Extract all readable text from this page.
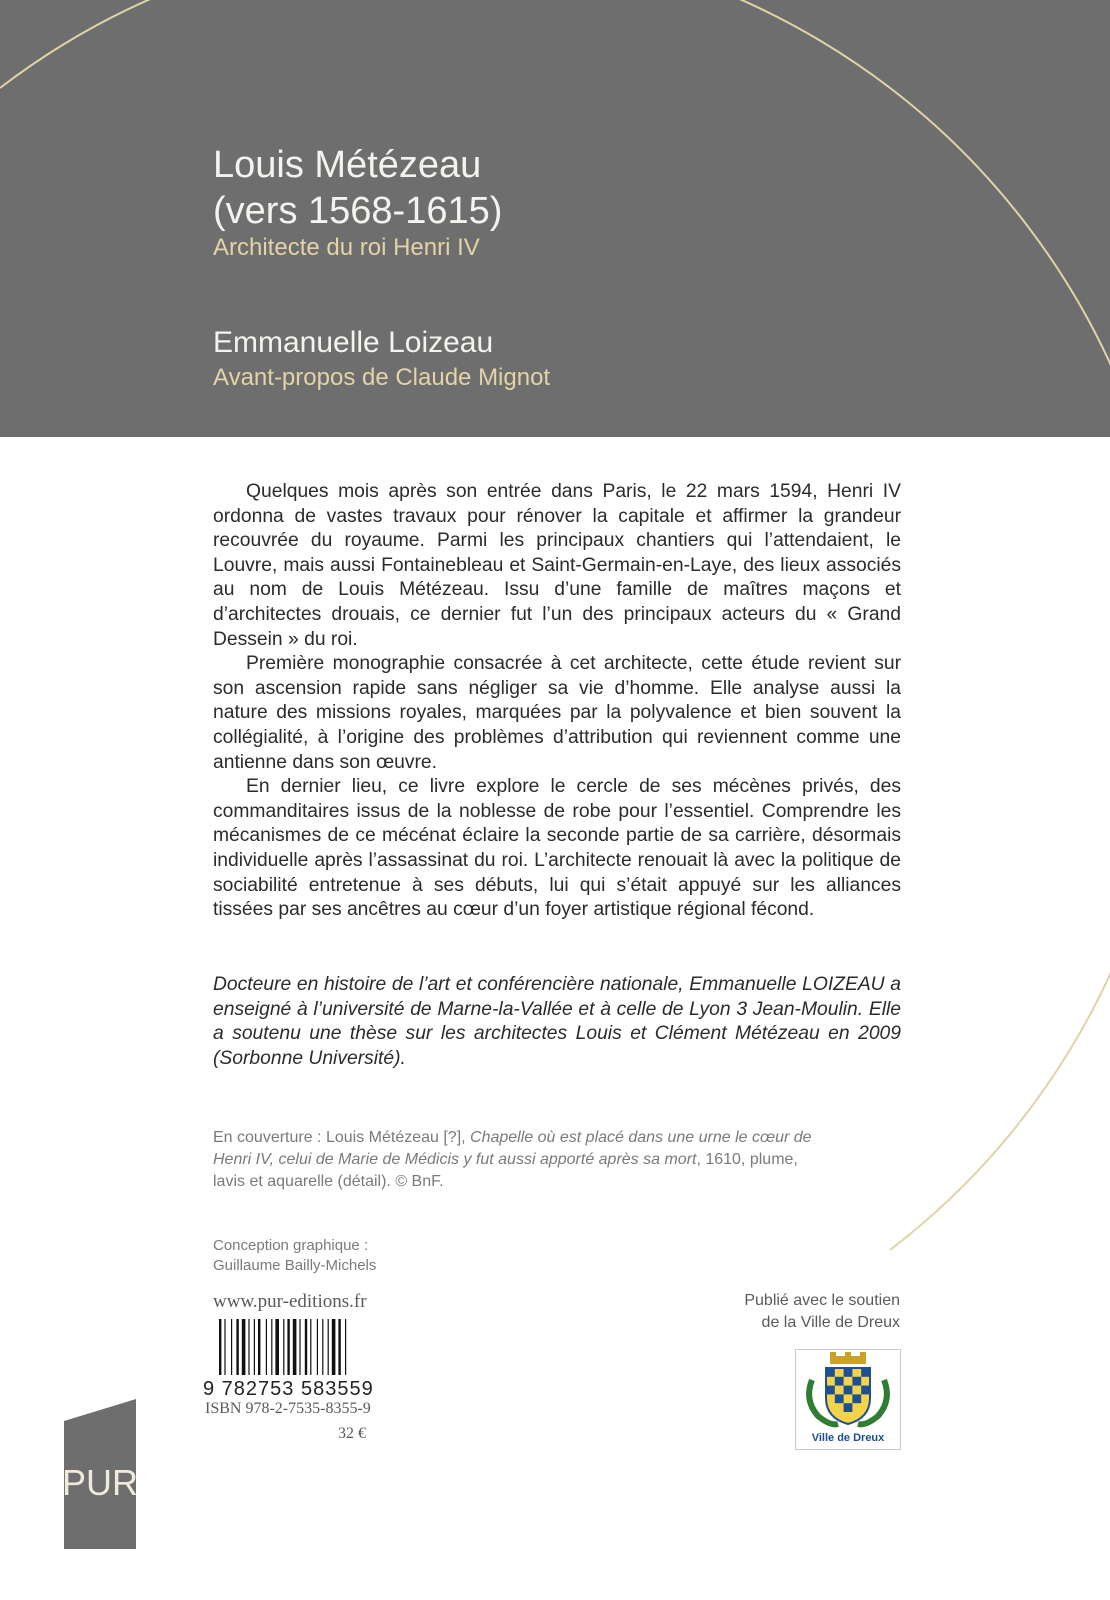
Louis Métézeau
(vers 1568-1615)
Architecte du roi Henri IV
Emmanuelle Loizeau
Avant-propos de Claude Mignot

Quelques mois après son entrée dans Paris, le 22 mars 1594, Henri IV ordonna de vastes travaux pour rénover la capitale et affirmer la grandeur recouvrée du royaume. Parmi les principaux chantiers qui l’attendaient, le Louvre, mais aussi Fontainebleau et Saint-Germain-en-Laye, des lieux associés au nom de Louis Métézeau. Issu d’une famille de maîtres maçons et d’architectes drouais, ce dernier fut l’un des principaux acteurs du « Grand Dessein » du roi.

Première monographie consacrée à cet architecte, cette étude revient sur son ascension rapide sans négliger sa vie d’homme. Elle analyse aussi la nature des missions royales, marquées par la polyvalence et bien souvent la collégialité, à l’origine des problèmes d’attribution qui reviennent comme une antienne dans son œuvre.

En dernier lieu, ce livre explore le cercle de ses mécènes privés, des commanditaires issus de la noblesse de robe pour l’essentiel. Comprendre les mécanismes de ce mécénat éclaire la seconde partie de sa carrière, désormais individuelle après l’assassinat du roi. L’architecte renouait là avec la politique de sociabilité entretenue à ses débuts, lui qui s’était appuyé sur les alliances tissées par ses ancêtres au cœur d’un foyer artistique régional fécond.

Docteure en histoire de l’art et conférencière nationale, Emmanuelle LOIZEAU a enseigné à l’université de Marne-la-Vallée et à celle de Lyon 3 Jean-Moulin. Elle a soutenu une thèse sur les architectes Louis et Clément Métézeau en 2009 (Sorbonne Université).
En couverture : Louis Métézeau [?], Chapelle où est placé dans une urne le cœur de Henri IV, celui de Marie de Médicis y fut aussi apporté après sa mort, 1610, plume, lavis et aquarelle (détail). © BnF.
Conception graphique :
Guillaume Bailly-Michels
www.pur-editions.fr
9 782753 583559
ISBN 978-2-7535-8355-9
32 €
Publié avec le soutien
de la Ville de Dreux
Ville de Dreux
PUR
